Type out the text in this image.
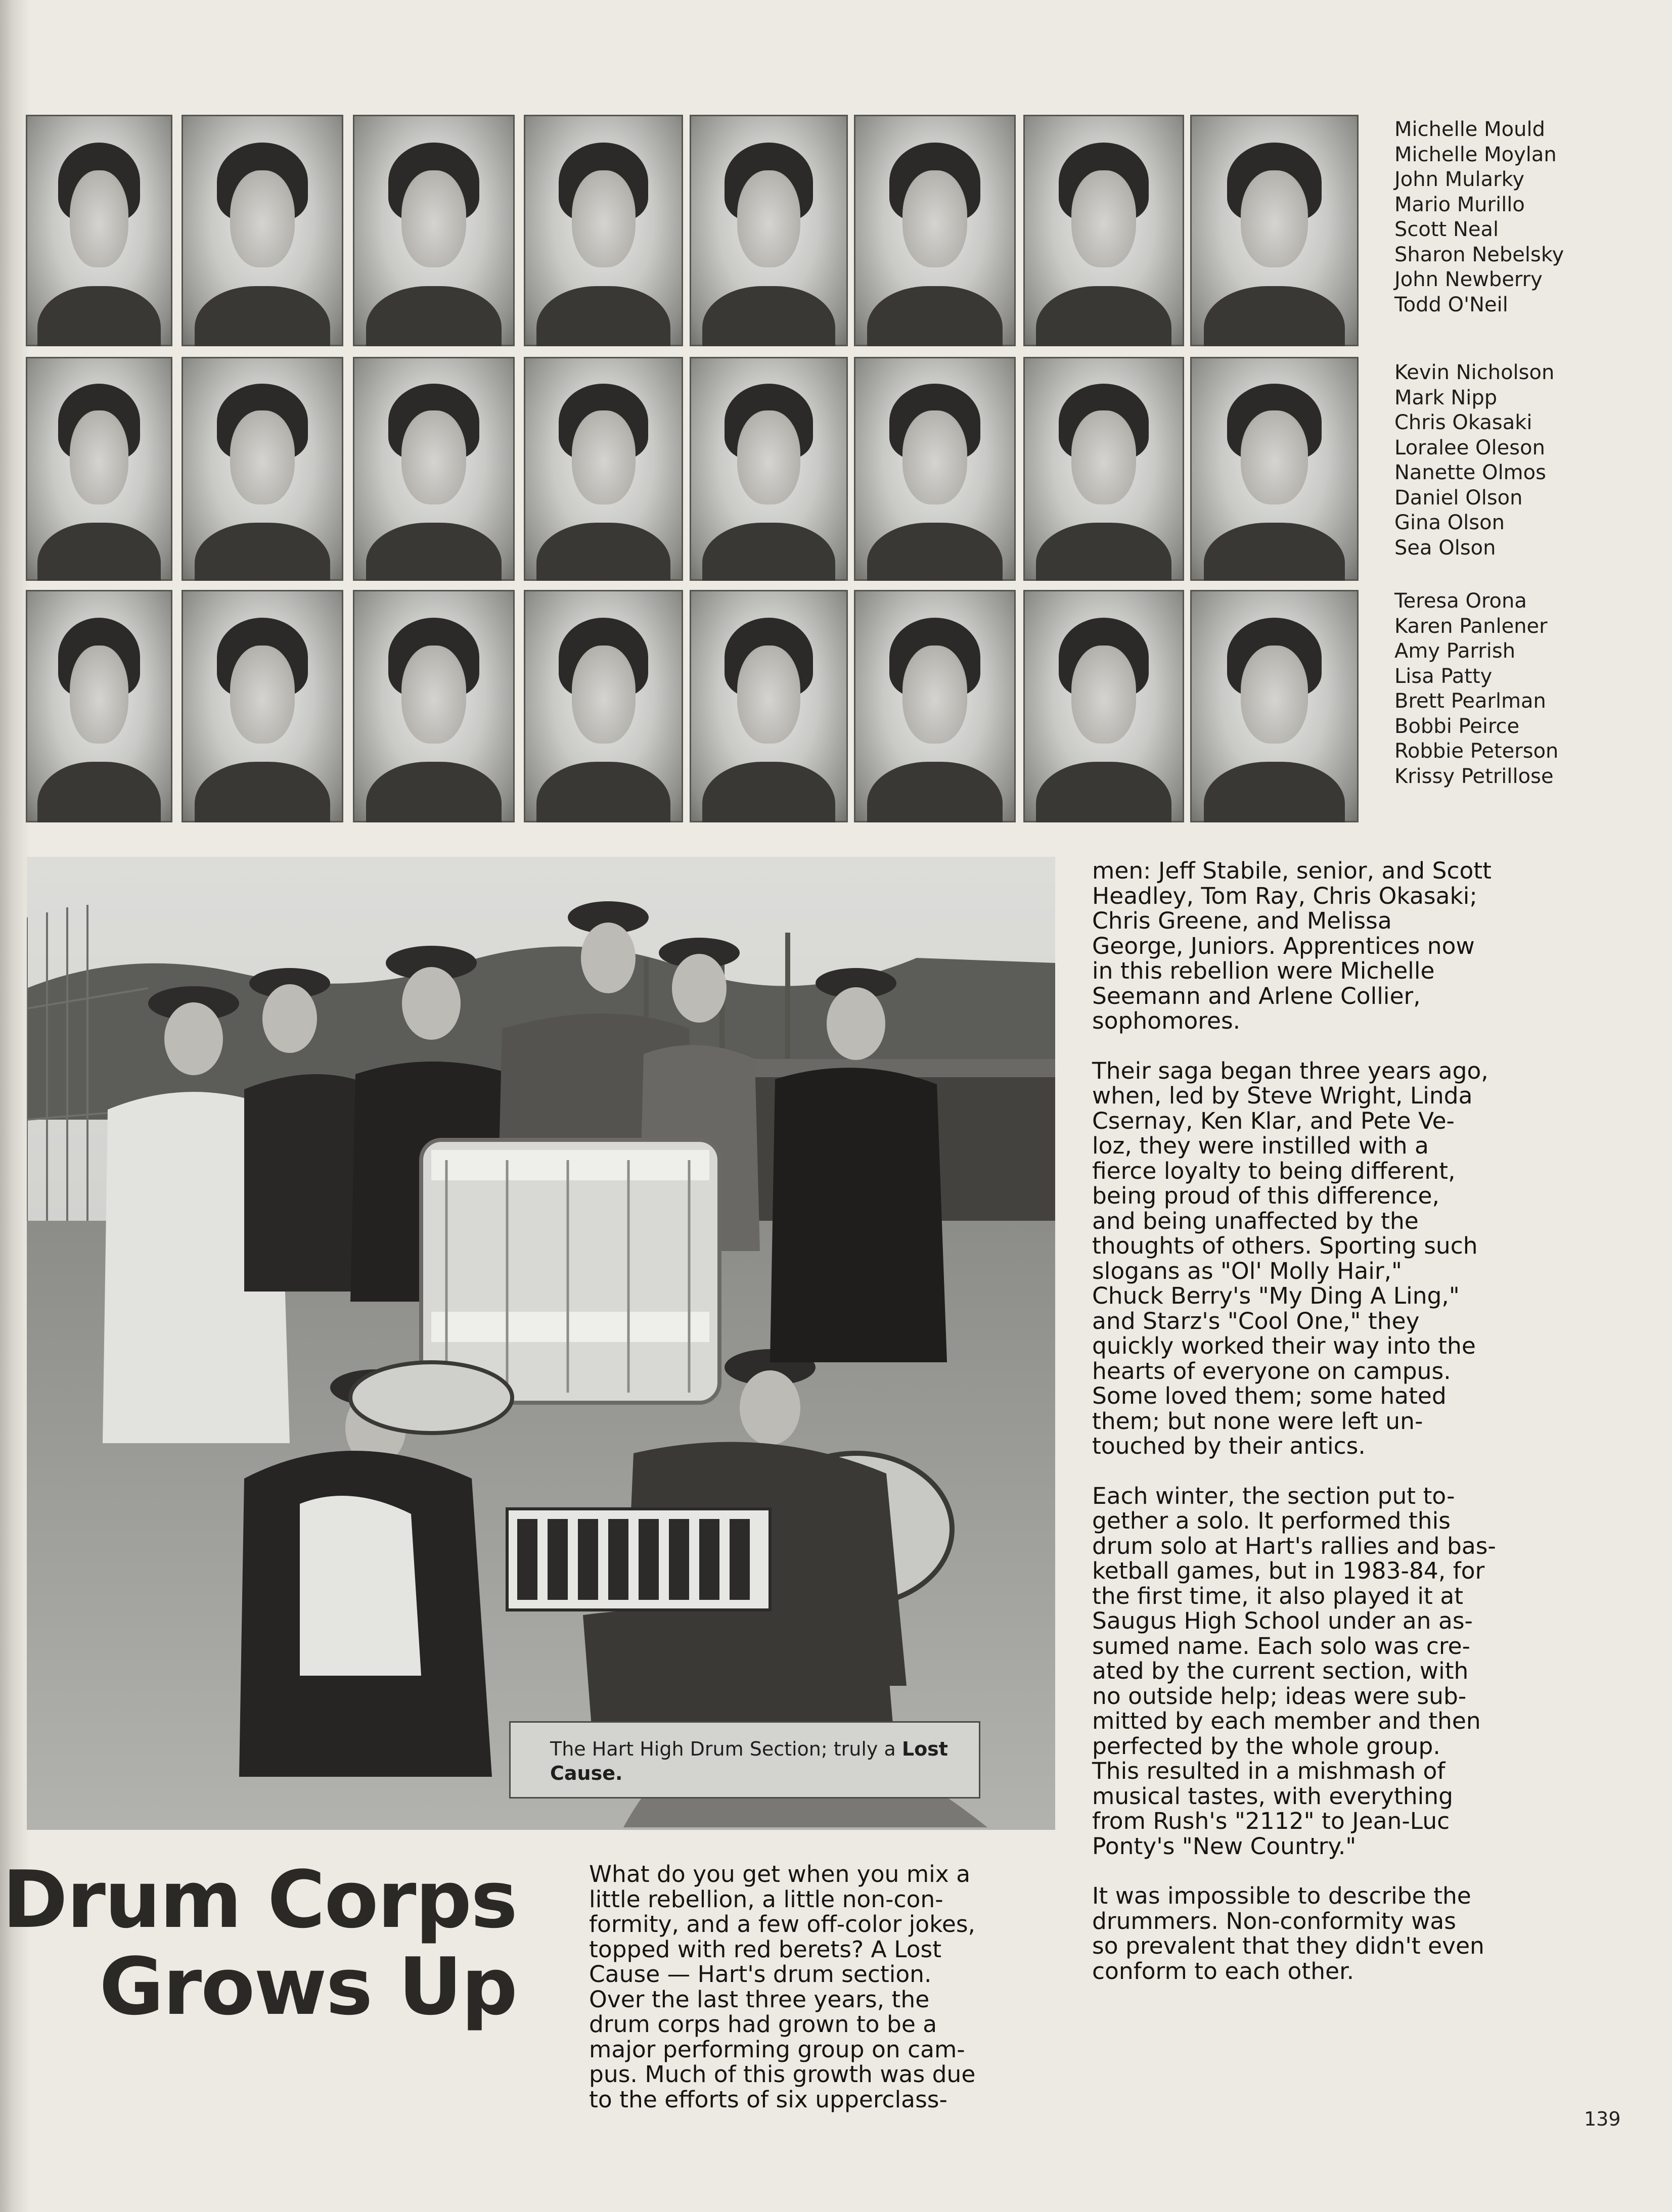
Michelle Mould
Michelle Moylan
John Mularky
Mario Murillo
Scott Neal
Sharon Nebelsky
John Newberry
Todd O'Neil
Kevin Nicholson
Mark Nipp
Chris Okasaki
Loralee Oleson
Nanette Olmos
Daniel Olson
Gina Olson
Sea Olson
Teresa Orona
Karen Panlener
Amy Parrish
Lisa Patty
Brett Pearlman
Bobbi Peirce
Robbie Peterson
Krissy Petrillose
The Hart High Drum Section; truly a Lost Cause.
Drum Corps
Grows Up

What do you get when you mix a

little rebellion, a little non-con-

formity, and a few off-color jokes,

topped with red berets? A Lost

Cause — Hart's drum section.

Over the last three years, the

drum corps had grown to be a

major performing group on cam-

pus. Much of this growth was due

to the efforts of six upperclass-

men: Jeff Stabile, senior, and Scott

Headley, Tom Ray, Chris Okasaki;

Chris Greene, and Melissa

George, Juniors. Apprentices now

in this rebellion were Michelle

Seemann and Arlene Collier,

sophomores.

Their saga began three years ago,

when, led by Steve Wright, Linda

Csernay, Ken Klar, and Pete Ve-

loz, they were instilled with a

fierce loyalty to being different,

being proud of this difference,

and being unaffected by the

thoughts of others. Sporting such

slogans as "Ol' Molly Hair,"

Chuck Berry's "My Ding A Ling,"

and Starz's "Cool One," they

quickly worked their way into the

hearts of everyone on campus.

Some loved them; some hated

them; but none were left un-

touched by their antics.

Each winter, the section put to-

gether a solo. It performed this

drum solo at Hart's rallies and bas-

ketball games, but in 1983-84, for

the first time, it also played it at

Saugus High School under an as-

sumed name. Each solo was cre-

ated by the current section, with

no outside help; ideas were sub-

mitted by each member and then

perfected by the whole group.

This resulted in a mishmash of

musical tastes, with everything

from Rush's "2112" to Jean-Luc

Ponty's "New Country."

It was impossible to describe the

drummers. Non-conformity was

so prevalent that they didn't even

conform to each other.

139
